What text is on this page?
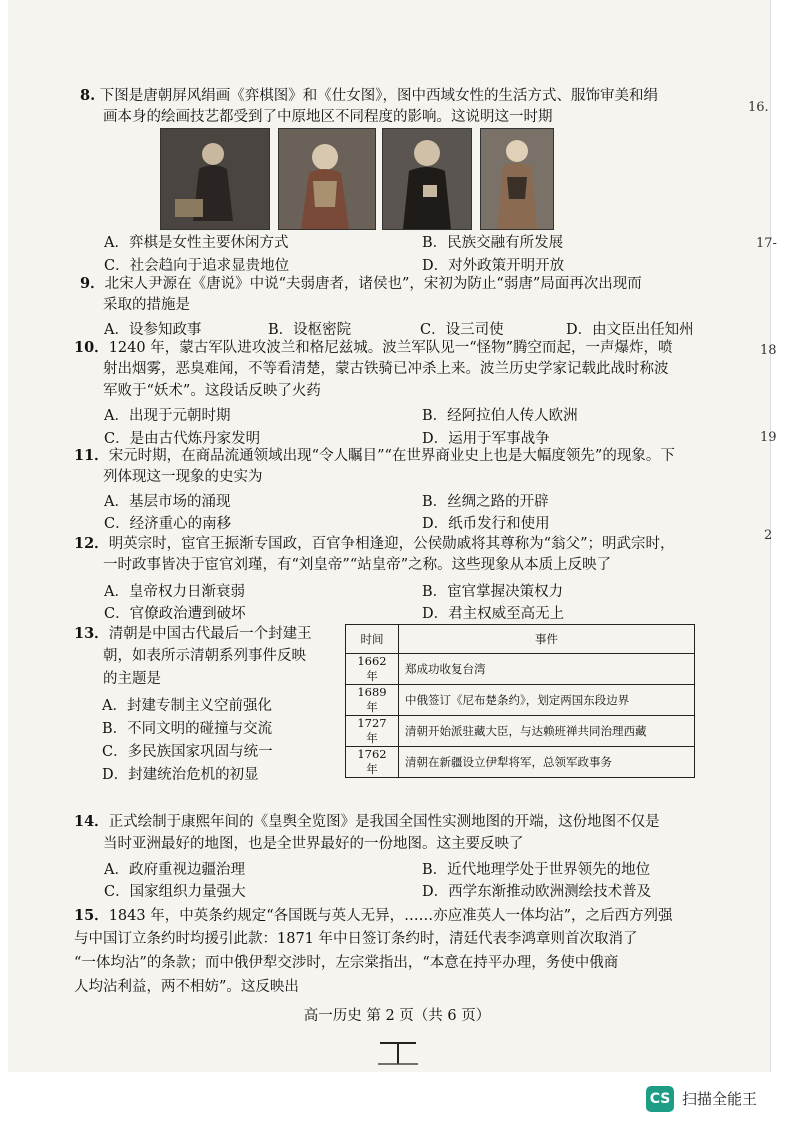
16.
17-
18
19
2
8. 下图是唐朝屏风绢画《弈棋图》和《仕女图》，图中西域女性的生活方式、服饰审美和绢
画本身的绘画技艺都受到了中原地区不同程度的影响。这说明这一时期
A．弈棋是女性主要休闲方式	B．民族交融有所发展
C．社会趋向于追求显贵地位	D．对外政策开明开放
9．北宋人尹源在《唐说》中说“夫弱唐者，诸侯也”，宋初为防止“弱唐”局面再次出现而
采取的措施是
A．设参知政事	B．设枢密院	C．设三司使	D．由文臣出任知州
10．1240 年，蒙古军队进攻波兰和格尼兹城。波兰军队见一“怪物”腾空而起，一声爆炸，喷
射出烟雾，恶臭难闻，不等看清楚，蒙古铁骑已冲杀上来。波兰历史学家记载此战时称波
军败于“妖术”。这段话反映了火药
A．出现于元朝时期	B．经阿拉伯人传人欧洲
C．是由古代炼丹家发明	D．运用于军事战争
11．宋元时期，在商品流通领域出现“令人瞩目”“在世界商业史上也是大幅度领先”的现象。下
列体现这一现象的史实为
A．基层市场的涌现	B．丝绸之路的开辟
C．经济重心的南移	D．纸币发行和使用
12．明英宗时，宦官王振渐专国政，百官争相逢迎，公侯勋戚将其尊称为“翁父”；明武宗时，
一时政事皆决于宦官刘瑾，有“刘皇帝”“站皇帝”之称。这些现象从本质上反映了
A．皇帝权力日渐衰弱	B．宦官掌握决策权力
C．官僚政治遭到破坏	D．君主权威至高无上
13．清朝是中国古代最后一个封建王
朝，如表所示清朝系列事件反映
的主题是
A．封建专制主义空前强化
B．不同文明的碰撞与交流
C．多民族国家巩固与统一
D．封建统治危机的初显
时间	事件
1662 年	郑成功收复台湾
1689 年	中俄签订《尼布楚条约》，划定两国东段边界
1727 年	清朝开始派驻藏大臣，与达赖班禅共同治理西藏
1762 年	清朝在新疆设立伊犁将军，总领军政事务
14．正式绘制于康熙年间的《皇舆全览图》是我国全国性实测地图的开端，这份地图不仅是
当时亚洲最好的地图，也是全世界最好的一份地图。这主要反映了
A．政府重视边疆治理	B．近代地理学处于世界领先的地位
C．国家组织力量强大	D．西学东渐推动欧洲测绘技术普及
15．1843 年，中英条约规定“各国既与英人无异，……亦应准英人一体均沾”，之后西方列强
与中国订立条约时均援引此款：1871 年中日签订条约时，清廷代表李鸿章则首次取消了
“一体均沾”的条款；而中俄伊犁交涉时，左宗棠指出，“本意在持平办理，务使中俄商
人均沾利益，两不相妨”。这反映出
高一历史 第 2 页（共 6 页）
CS 扫描全能王
